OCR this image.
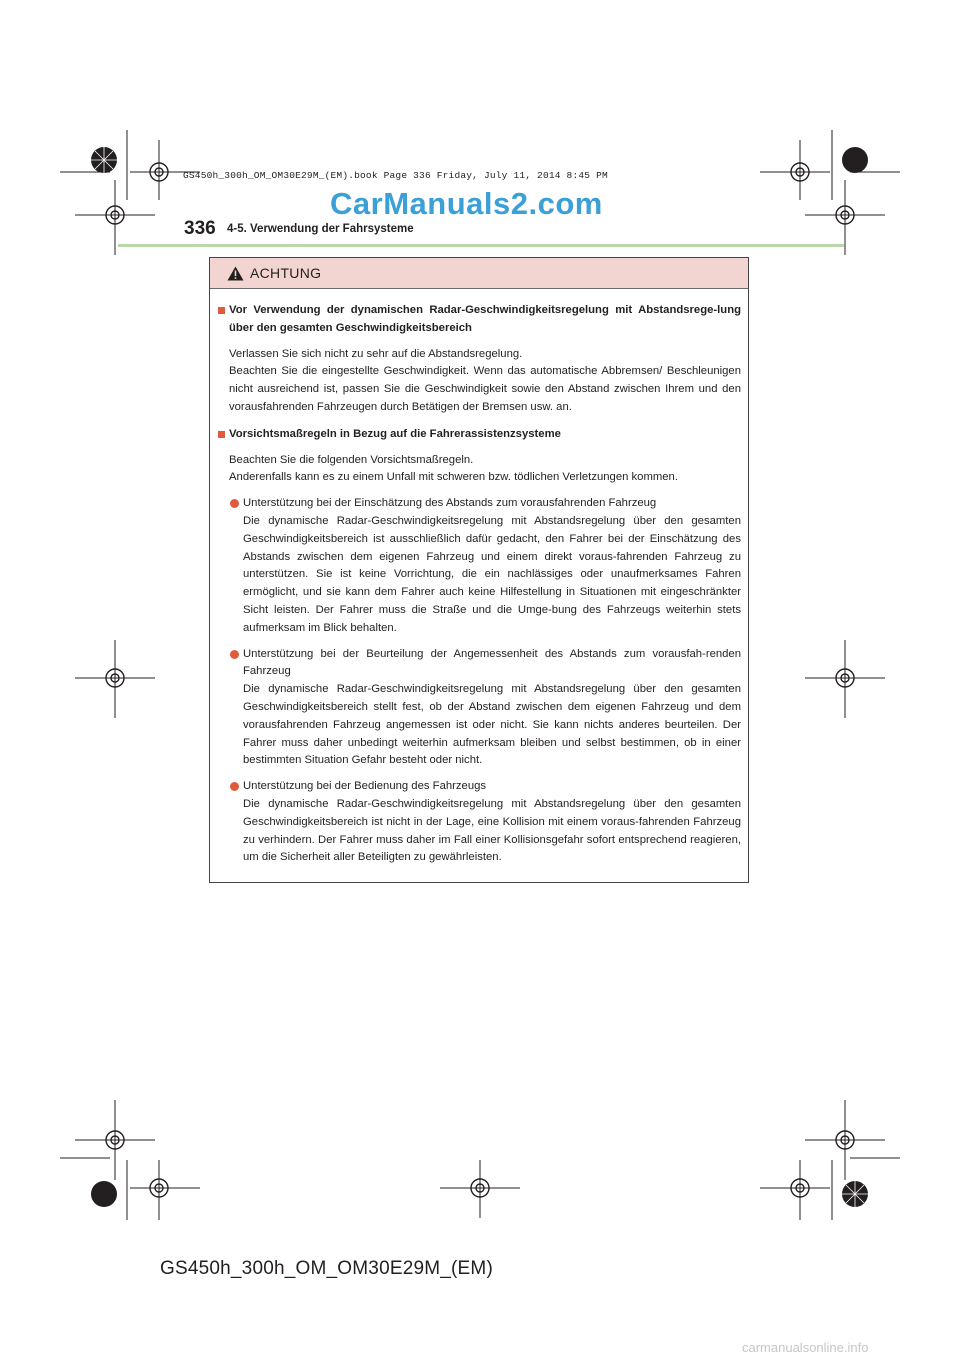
GS450h_300h_OM_OM30E29M_(EM).book Page 336 Friday, July 11, 2014 8:45 PM
CarManuals2.com
336 4-5. Verwendung der Fahrsysteme
ACHTUNG
Vor Verwendung der dynamischen Radar-Geschwindigkeitsregelung mit Abstandsrege-lung über den gesamten Geschwindigkeitsbereich
Verlassen Sie sich nicht zu sehr auf die Abstandsregelung.
Beachten Sie die eingestellte Geschwindigkeit. Wenn das automatische Abbremsen/ Beschleunigen nicht ausreichend ist, passen Sie die Geschwindigkeit sowie den Abstand zwischen Ihrem und den vorausfahrenden Fahrzeugen durch Betätigen der Bremsen usw. an.
Vorsichtsmaßregeln in Bezug auf die Fahrerassistenzsysteme
Beachten Sie die folgenden Vorsichtsmaßregeln.
Anderenfalls kann es zu einem Unfall mit schweren bzw. tödlichen Verletzungen kommen.
Unterstützung bei der Einschätzung des Abstands zum vorausfahrenden Fahrzeug
Die dynamische Radar-Geschwindigkeitsregelung mit Abstandsregelung über den gesamten Geschwindigkeitsbereich ist ausschließlich dafür gedacht, den Fahrer bei der Einschätzung des Abstands zwischen dem eigenen Fahrzeug und einem direkt voraus-fahrenden Fahrzeug zu unterstützen. Sie ist keine Vorrichtung, die ein nachlässiges oder unaufmerksames Fahren ermöglicht, und sie kann dem Fahrer auch keine Hilfestellung in Situationen mit eingeschränkter Sicht leisten. Der Fahrer muss die Straße und die Umge-bung des Fahrzeugs weiterhin stets aufmerksam im Blick behalten.
Unterstützung bei der Beurteilung der Angemessenheit des Abstands zum vorausfah-renden Fahrzeug
Die dynamische Radar-Geschwindigkeitsregelung mit Abstandsregelung über den gesamten Geschwindigkeitsbereich stellt fest, ob der Abstand zwischen dem eigenen Fahrzeug und dem vorausfahrenden Fahrzeug angemessen ist oder nicht. Sie kann nichts anderes beurteilen. Der Fahrer muss daher unbedingt weiterhin aufmerksam bleiben und selbst bestimmen, ob in einer bestimmten Situation Gefahr besteht oder nicht.
Unterstützung bei der Bedienung des Fahrzeugs
Die dynamische Radar-Geschwindigkeitsregelung mit Abstandsregelung über den gesamten Geschwindigkeitsbereich ist nicht in der Lage, eine Kollision mit einem voraus-fahrenden Fahrzeug zu verhindern. Der Fahrer muss daher im Fall einer Kollisionsgefahr sofort entsprechend reagieren, um die Sicherheit aller Beteiligten zu gewährleisten.
GS450h_300h_OM_OM30E29M_(EM)
carmanualsonline.info
